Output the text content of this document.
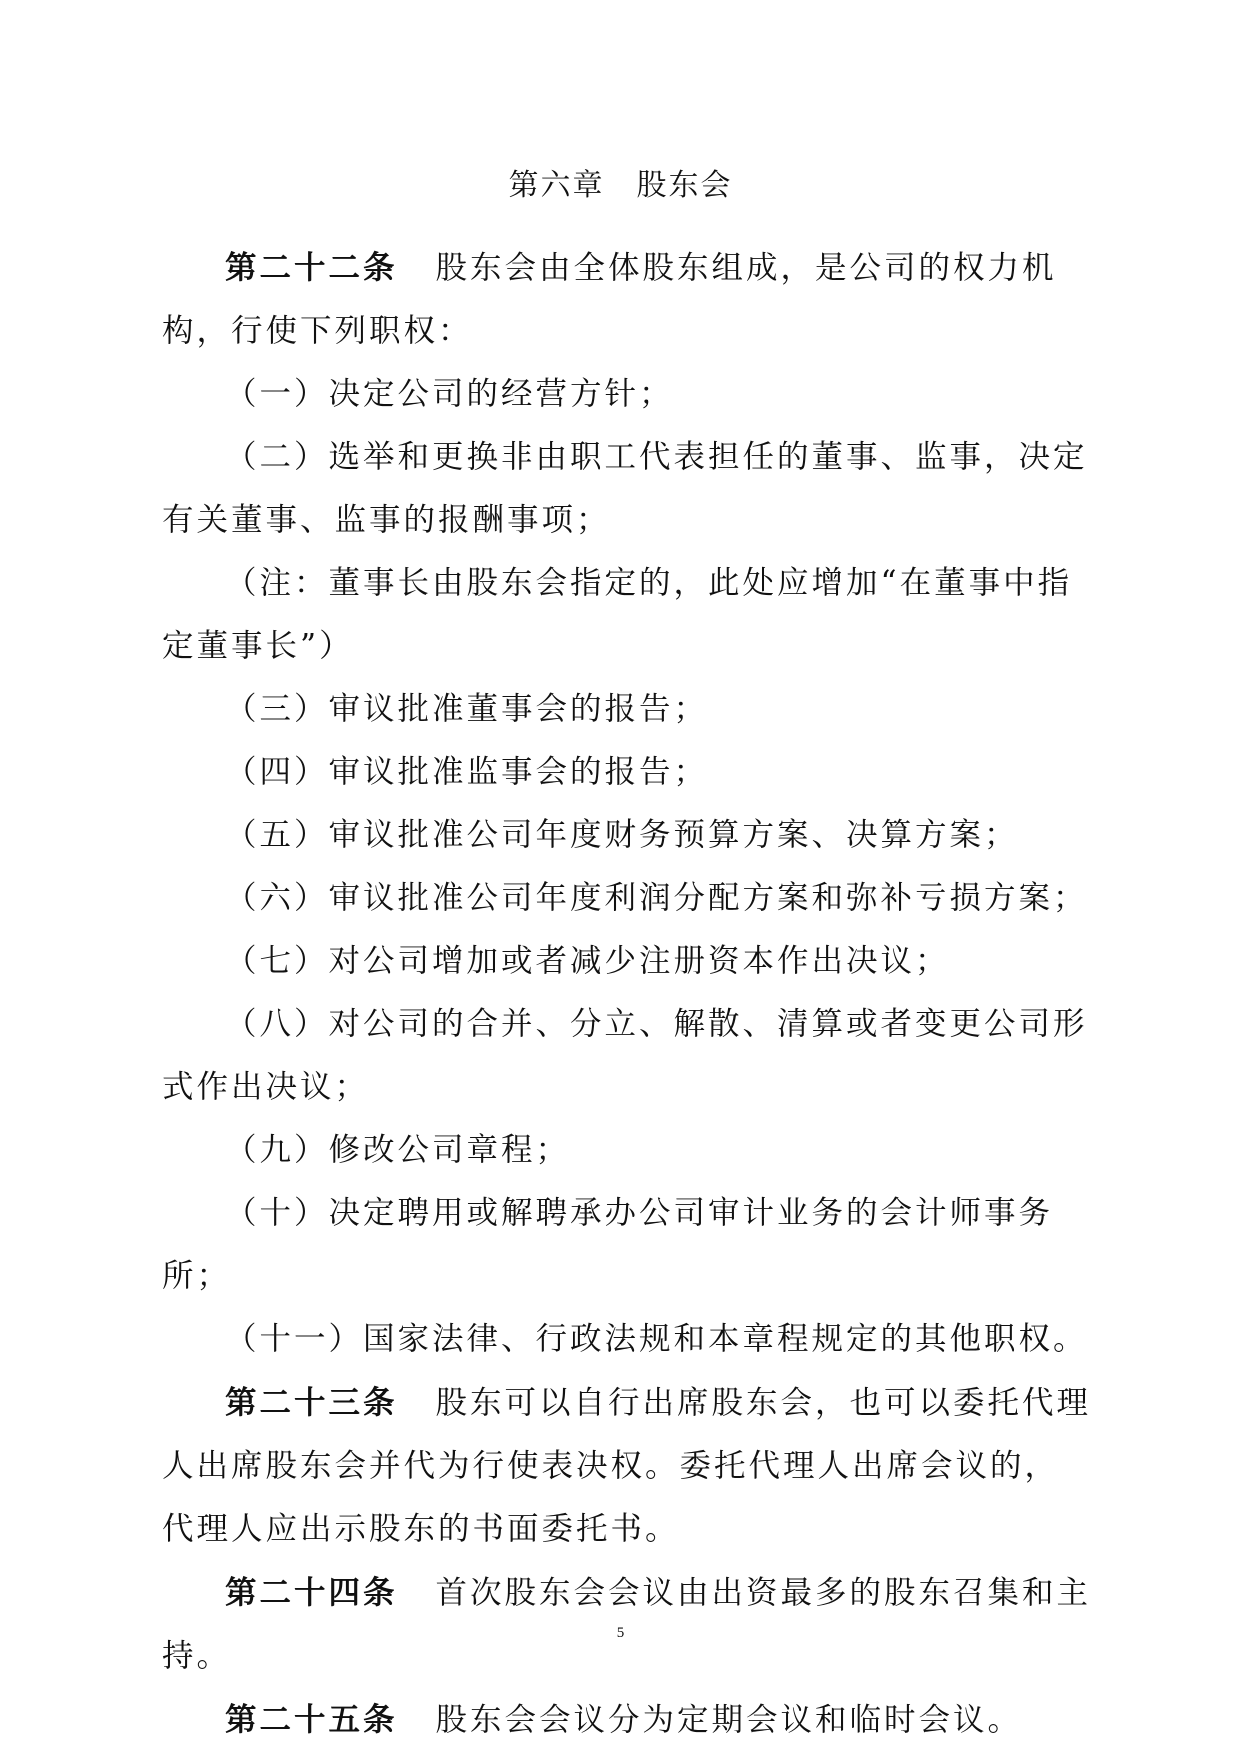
第六章　股东会

第二十二条 股东会由全体股东组成，是公司的权力机构，行使下列职权：

（一）决定公司的经营方针；

（二）选举和更换非由职工代表担任的董事、监事，决定有关董事、监事的报酬事项；

（注：董事长由股东会指定的，此处应增加“在董事中指定董事长”）

（三）审议批准董事会的报告；

（四）审议批准监事会的报告；

（五）审议批准公司年度财务预算方案、决算方案；

（六）审议批准公司年度利润分配方案和弥补亏损方案；

（七）对公司增加或者减少注册资本作出决议；

（八）对公司的合并、分立、解散、清算或者变更公司形式作出决议；

（九）修改公司章程；

（十）决定聘用或解聘承办公司审计业务的会计师事务所；

（十一）国家法律、行政法规和本章程规定的其他职权。

第二十三条 股东可以自行出席股东会，也可以委托代理人出席股东会并代为行使表决权。委托代理人出席会议的，代理人应出示股东的书面委托书。

第二十四条 首次股东会会议由出资最多的股东召集和主持。

第二十五条 股东会会议分为定期会议和临时会议。

5
